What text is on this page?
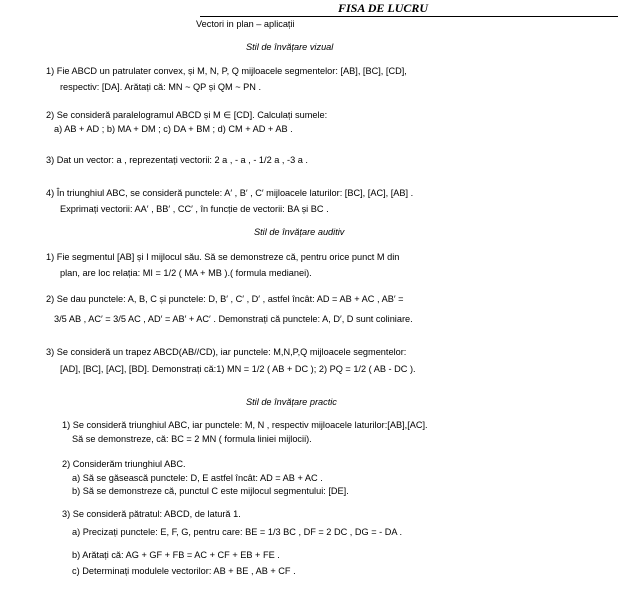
FISA DE LUCRU
Vectori in plan – aplicații
Stil de învățare vizual
1) Fie ABCD un patrulater convex, și M, N, P, Q mijloacele segmentelor: [AB], [BC], [CD],
respectiv: [DA]. Arătați că: MN ~ QP și QM ~ PN .
2) Se consideră paralelogramul ABCD și M ∈ [CD]. Calculați sumele:
a) AB + AD ; b) MA + DM ; c) DA + BM ; d) CM + AD + AB .
3) Dat un vector: a , reprezentați vectorii: 2 a , - a , - 1/2 a , -3 a .
4) În triunghiul ABC, se consideră punctele: A′ , B′ , C′ mijloacele laturilor: [BC], [AC], [AB] .
Exprimați vectorii: AA′ , BB′ , CC′ , în funcție de vectorii: BA și BC .
Stil de învățare auditiv
1) Fie segmentul [AB] și I mijlocul său. Să se demonstreze că, pentru orice punct M din
plan, are loc relația: MI = 1/2 ( MA + MB ).( formula medianei).
2) Se dau punctele: A, B, C și punctele: D, B′ , C′ , D′ , astfel încât: AD = AB + AC , AB′ =
3/5 AB , AC′ = 3/5 AC , AD′ = AB′ + AC′ . Demonstrați că punctele: A, D′, D sunt coliniare.
3) Se consideră un trapez ABCD(AB//CD), iar punctele: M,N,P,Q mijloacele segmentelor:
[AD], [BC], [AC], [BD]. Demonstrați că:1) MN = 1/2 ( AB + DC ); 2) PQ = 1/2 ( AB - DC ).
Stil de învățare practic
1) Se consideră triunghiul ABC, iar punctele: M, N , respectiv mijloacele laturilor:[AB],[AC].
Să se demonstreze, că: BC = 2 MN ( formula liniei mijlocii).
2) Considerăm triunghiul ABC.
a) Să se găsească punctele: D, E astfel încât: AD = AB + AC .
b) Să se demonstreze că, punctul C este mijlocul segmentului: [DE].
3) Se consideră pătratul: ABCD, de latură 1.
a) Precizați punctele: E, F, G, pentru care: BE = 1/3 BC , DF = 2 DC , DG = - DA .
b) Arătați că: AG + GF + FB = AC + CF + EB + FE .
c) Determinați modulele vectorilor: AB + BE , AB + CF .
